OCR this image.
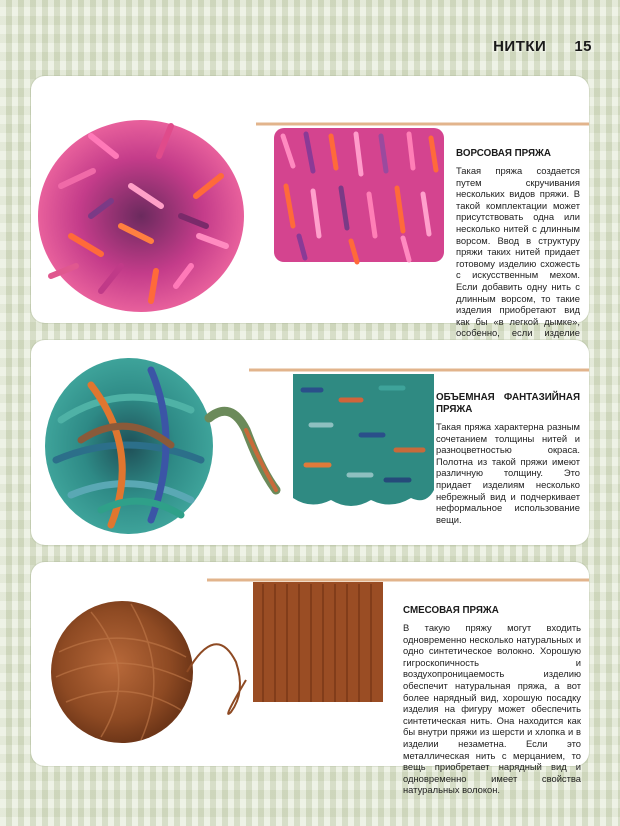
НИТКИ 15
ВОРСОВАЯ ПРЯЖА
Такая пряжа создается путем скручивания нескольких видов пряжи. В такой комплектации может присутствовать одна или несколько нитей с длинным ворсом. Ввод в структуру пряжи таких нитей придает готовому изделию схожесть с искусственным мехом. Если добавить одну нить с длинным ворсом, то такие изделия приобретают вид как бы «в легкой дымке», особенно, если изделие
ОБЪЕМНАЯ ФАНТАЗИЙНАЯ ПРЯЖА
Такая пряжа характерна разным сочетанием толщины нитей и разноцветностью окраса. Полотна из такой пряжи имеют различную толщину. Это придает изделиям несколько небрежный вид и подчеркивает неформальное использование вещи.
СМЕСОВАЯ ПРЯЖА
В такую пряжу могут входить одновременно несколько натуральных и одно синтетическое волокно. Хорошую гигроскопичность и воздухопроницаемость изделию обеспечит натуральная пряжа, а вот более нарядный вид, хорошую посадку изделия на фигуру может обеспечить синтетическая нить. Она находится как бы внутри пряжи из шерсти и хлопка и в изделии незаметна. Если это металлическая нить с мерцанием, то вещь приобретает нарядный вид и одновременно имеет свойства натуральных волокон.
